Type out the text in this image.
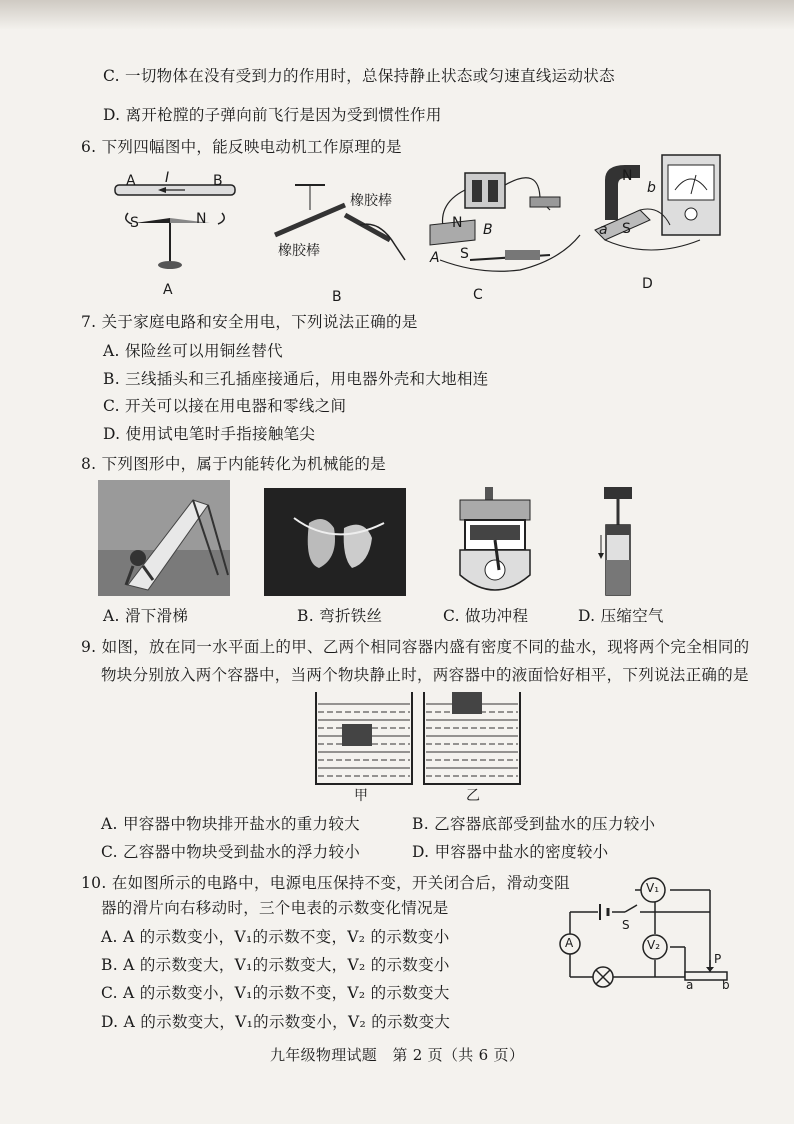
C. 一切物体在没有受到力的作用时，总保持静止状态或匀速直线运动状态
D. 离开枪膛的子弹向前飞行是因为受到惯性作用
6. 下列四幅图中，能反映电动机工作原理的是
A	B
I
S	N
A
橡胶棒
橡胶棒
B
N
S
A
B
C
N
S
a
b
D
7. 关于家庭电路和安全用电，下列说法正确的是
A. 保险丝可以用铜丝替代
B. 三线插头和三孔插座接通后，用电器外壳和大地相连
C. 开关可以接在用电器和零线之间
D. 使用试电笔时手指接触笔尖
8. 下列图形中，属于内能转化为机械能的是
A. 滑下滑梯	B. 弯折铁丝	C. 做功冲程	D. 压缩空气
9. 如图，放在同一水平面上的甲、乙两个相同容器内盛有密度不同的盐水，现将两个完全相同的
物块分别放入两个容器中，当两个物块静止时，两容器中的液面恰好相平，下列说法正确的是
甲	乙
A. 甲容器中物块排开盐水的重力较大	B. 乙容器底部受到盐水的压力较小
C. 乙容器中物块受到盐水的浮力较小	D. 甲容器中盐水的密度较小
10. 在如图所示的电路中，电源电压保持不变，开关闭合后，滑动变阻
器的滑片向右移动时，三个电表的示数变化情况是
A. A 的示数变小，V₁的示数不变，V₂ 的示数变小
B. A 的示数变大，V₁的示数变大，V₂ 的示数变小
C. A 的示数变小，V₁的示数不变，V₂ 的示数变大
D. A 的示数变大，V₁的示数变小，V₂ 的示数变大
V₁
V₂
A
S
P
a b
九年级物理试题　第 2 页（共 6 页）
